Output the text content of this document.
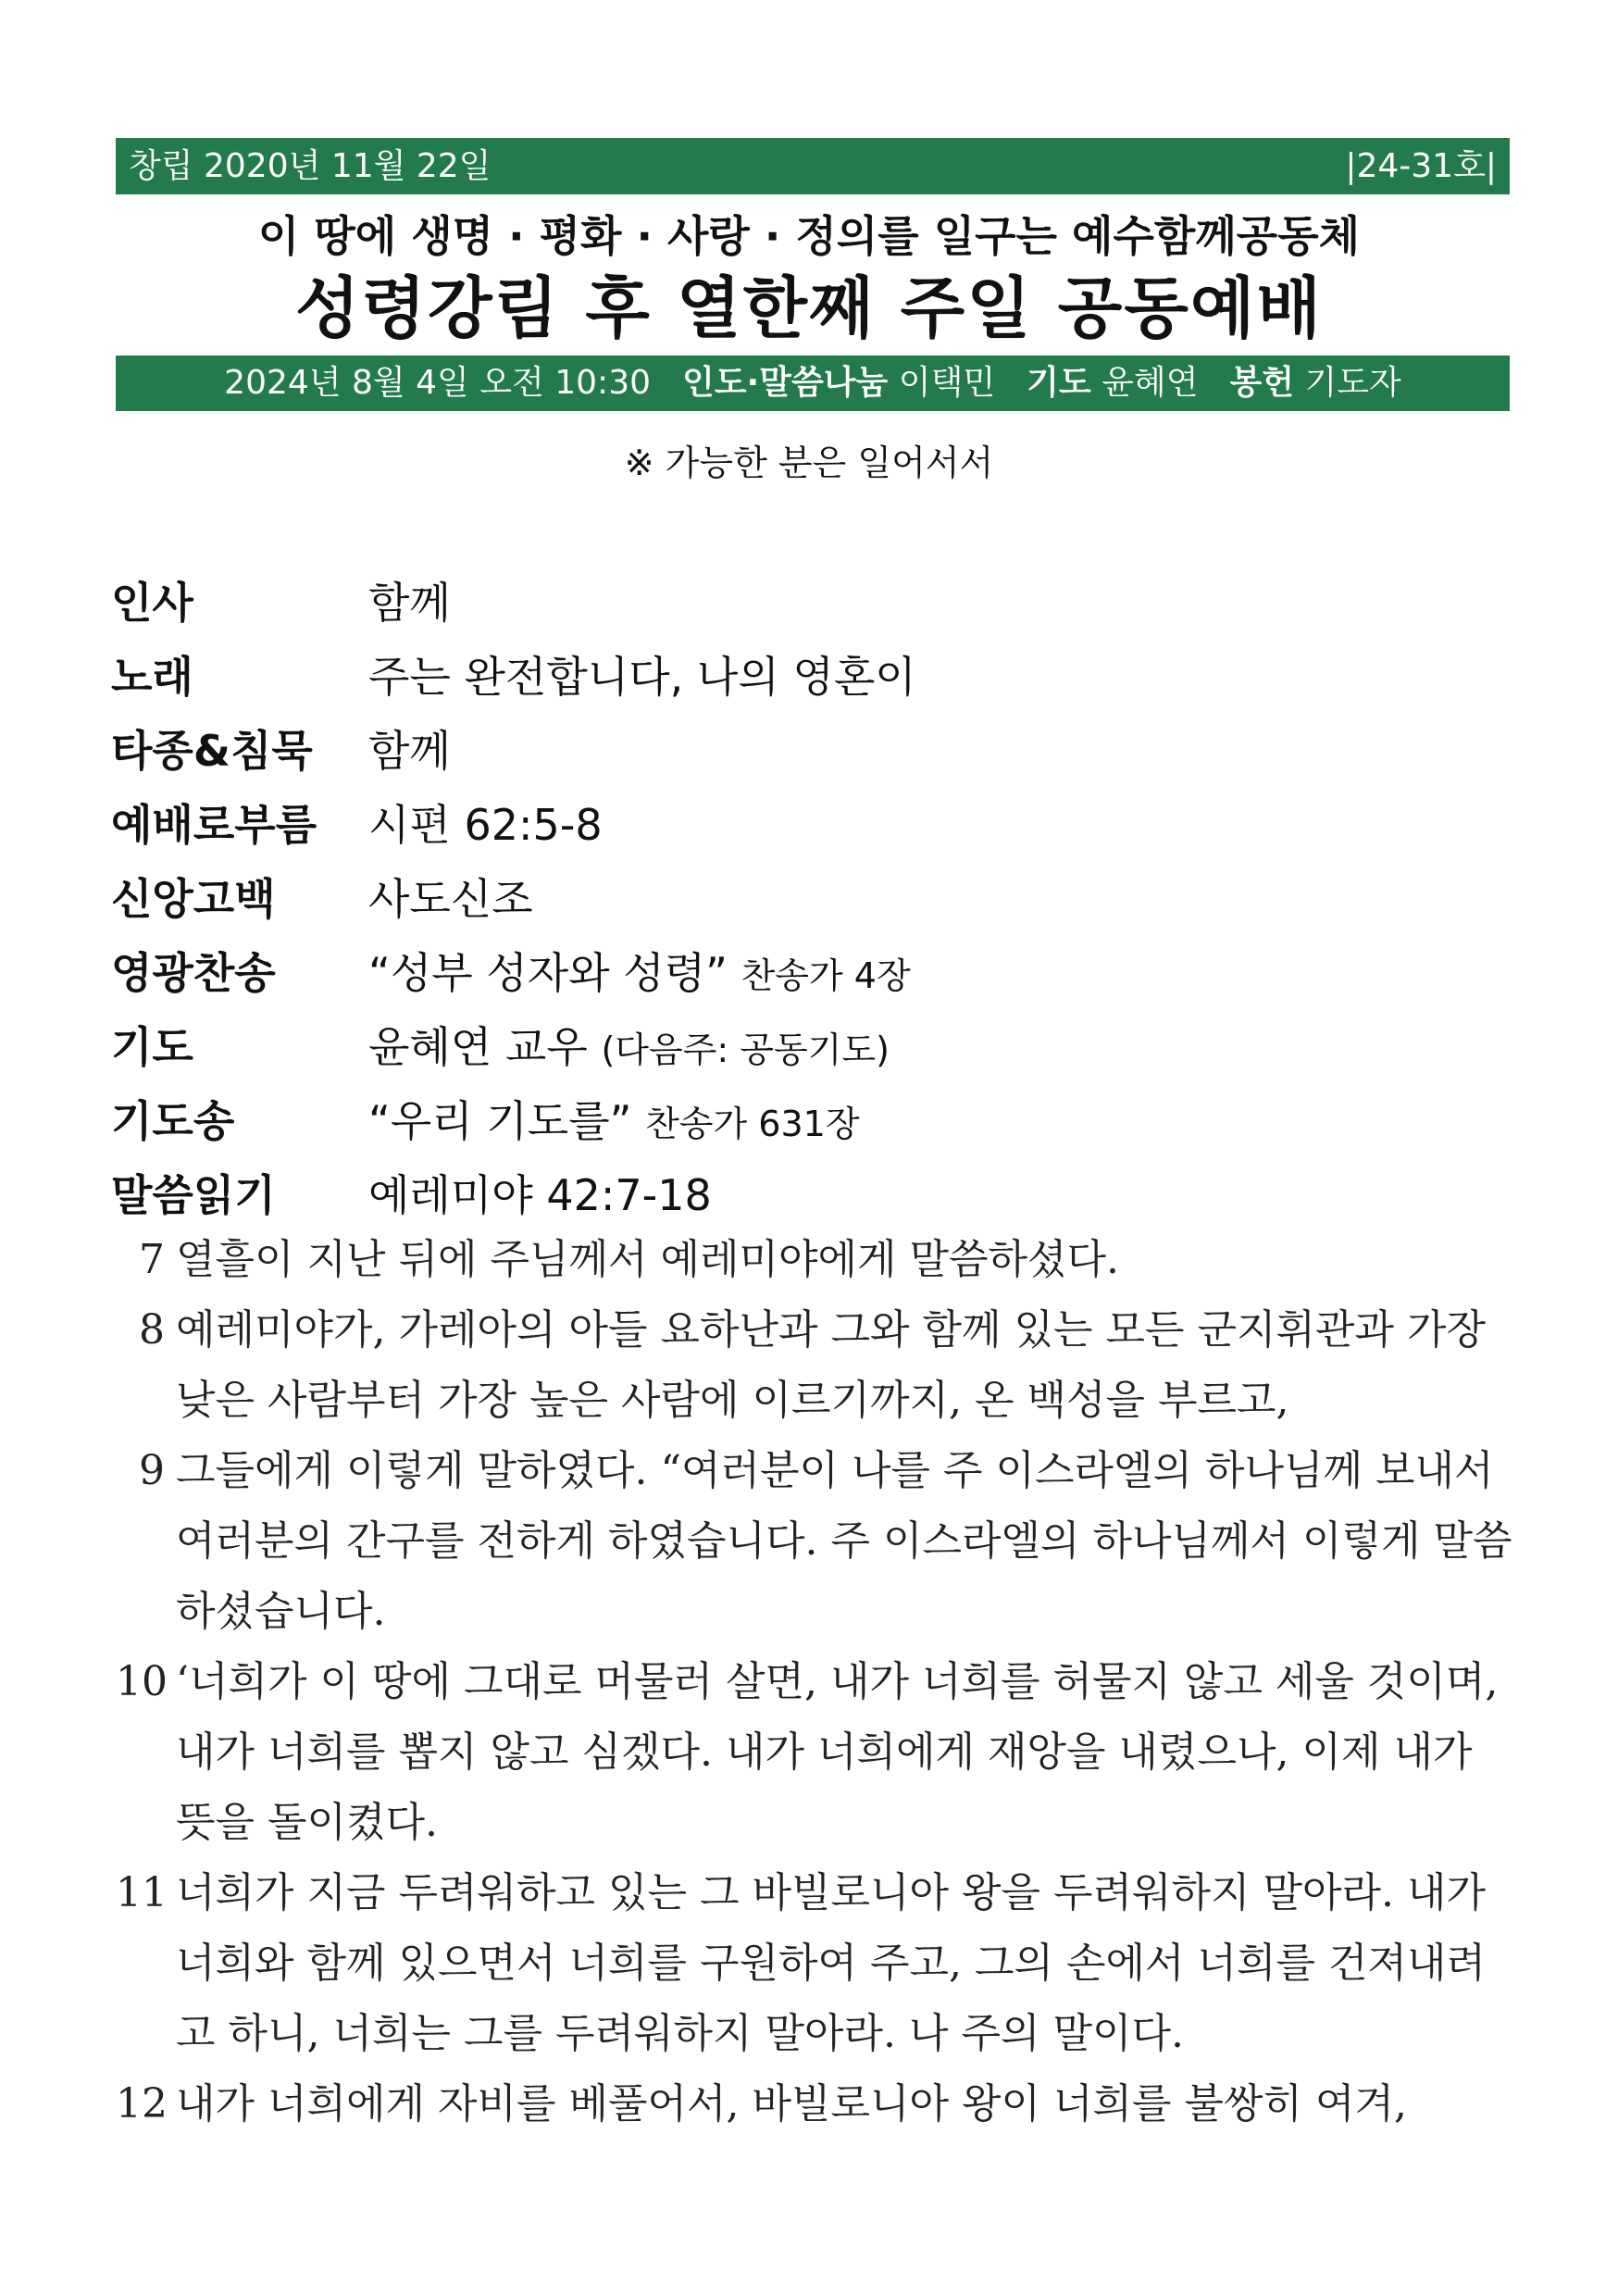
창립 2020년 11월 22일	|24-31호|
이 땅에 생명 · 평화 · 사랑 · 정의를 일구는 예수함께공동체
성령강림 후 열한째 주일 공동예배
2024년 8월 4일 오전 10:30 인도·말씀나눔 이택민 기도 윤혜연 봉헌 기도자
※ 가능한 분은 일어서서
인사	함께
노래	주는 완전합니다, 나의 영혼이
타종&침묵	함께
예배로부름	시편 62:5-8
신앙고백	사도신조
영광찬송	“성부 성자와 성령” 찬송가 4장
기도	윤혜연 교우 (다음주: 공동기도)
기도송	“우리 기도를” 찬송가 631장
말씀읽기	예레미야 42:7-18
7 열흘이 지난 뒤에 주님께서 예레미야에게 말씀하셨다.
8 예레미야가, 가레아의 아들 요하난과 그와 함께 있는 모든 군지휘관과 가장 낮은 사람부터 가장 높은 사람에 이르기까지, 온 백성을 부르고,
9 그들에게 이렇게 말하였다. “여러분이 나를 주 이스라엘의 하나님께 보내서 여러분의 간구를 전하게 하였습니다. 주 이스라엘의 하나님께서 이렇게 말씀하셨습니다.
10 ‘너희가 이 땅에 그대로 머물러 살면, 내가 너희를 허물지 않고 세울 것이며, 내가 너희를 뽑지 않고 심겠다. 내가 너희에게 재앙을 내렸으나, 이제 내가 뜻을 돌이켰다.
11 너희가 지금 두려워하고 있는 그 바빌로니아 왕을 두려워하지 말아라. 내가 너희와 함께 있으면서 너희를 구원하여 주고, 그의 손에서 너희를 건져내려고 하니, 너희는 그를 두려워하지 말아라. 나 주의 말이다.
12 내가 너희에게 자비를 베풀어서, 바빌로니아 왕이 너희를 불쌍히 여겨,
